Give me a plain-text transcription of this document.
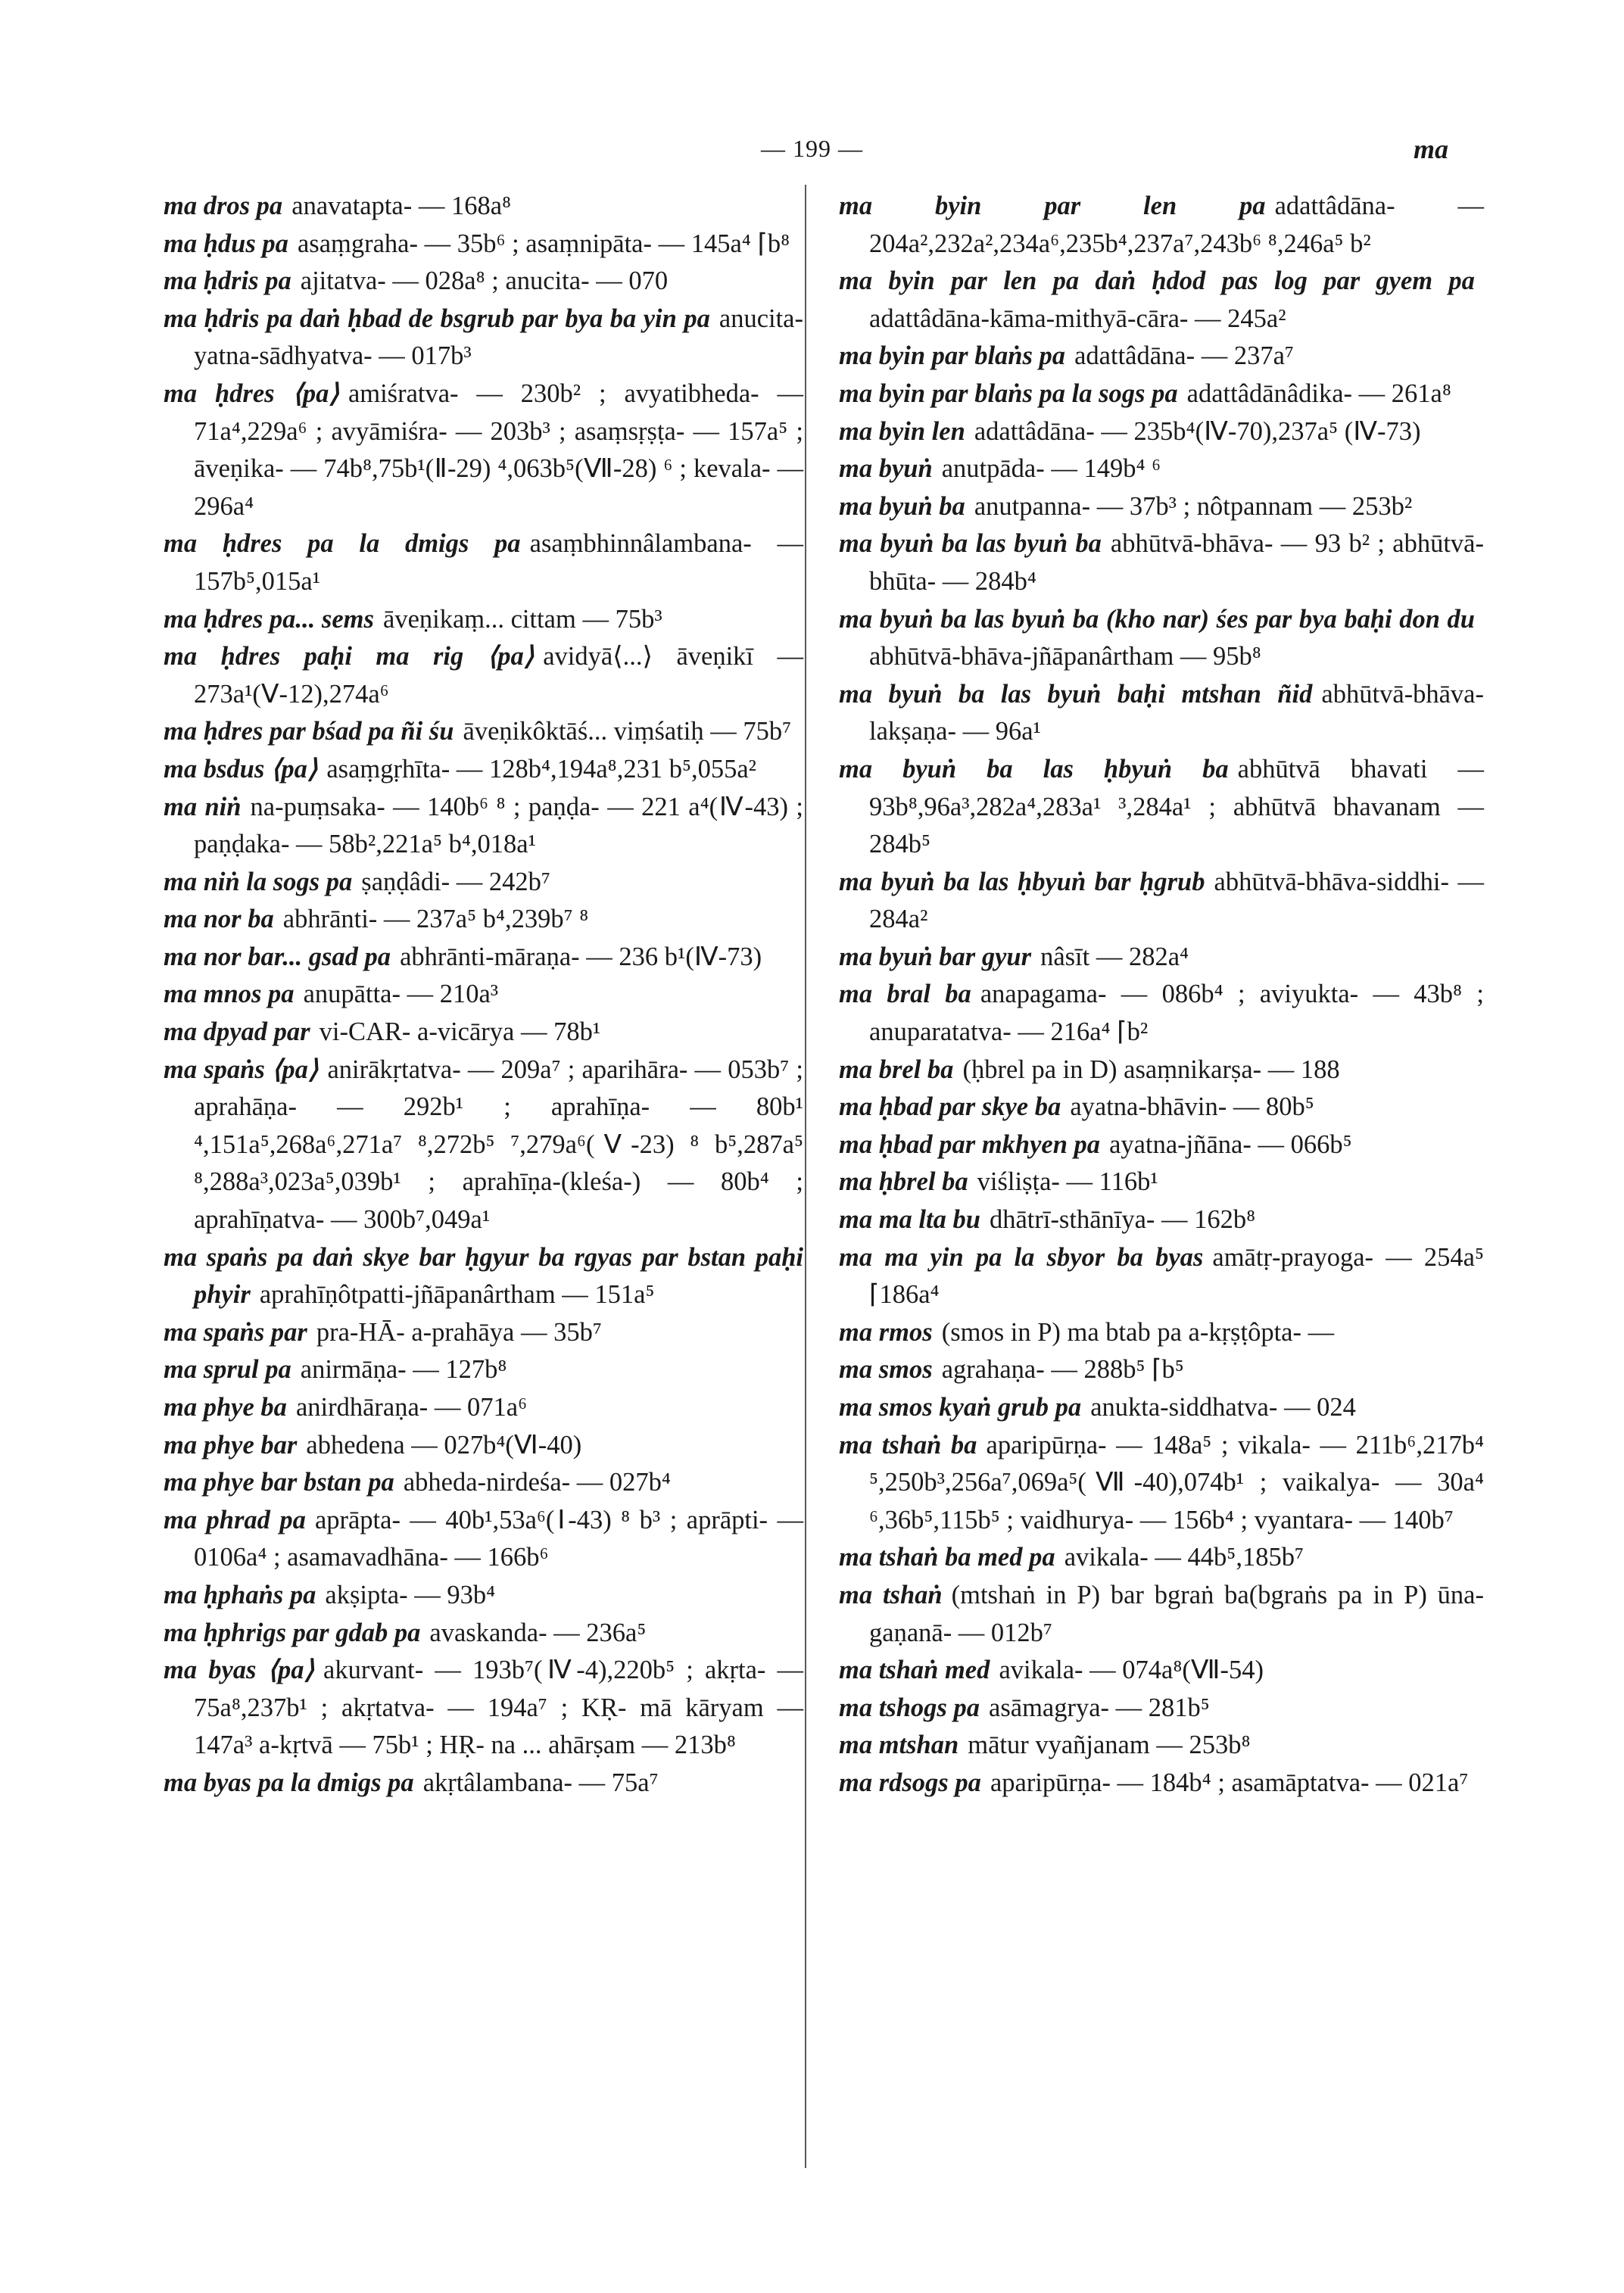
— 199 —	ma

ma dros pa anavatapta- — 168a⁸

ma ḥdus pa asaṃgraha- — 35b⁶ ; asaṃnipāta- — 145a⁴ ⌈b⁸

ma ḥdris pa ajitatva- — 028a⁸ ; anucita- — 070

ma ḥdris pa daṅ ḥbad de bsgrub par bya ba yin pa anucita-yatna-sādhyatva- — 017b³

ma ḥdres ⟨pa⟩ amiśratva- — 230b² ; avyatibheda- — 71a⁴,229a⁶ ; avyāmiśra- — 203b³ ; asaṃsṛṣṭa- — 157a⁵ ; āveṇika- — 74b⁸,75b¹(Ⅱ-29) ⁴,063b⁵(Ⅶ-28) ⁶ ; kevala- — 296a⁴

ma ḥdres pa la dmigs pa asaṃbhinnâlambana- — 157b⁵,015a¹

ma ḥdres pa... sems āveṇikaṃ... cittam — 75b³

ma ḥdres paḥi ma rig ⟨pa⟩ avidyā⟨...⟩ āveṇikī — 273a¹(Ⅴ-12),274a⁶

ma ḥdres par bśad pa ñi śu āveṇikôktāś... viṃśatiḥ — 75b⁷

ma bsdus ⟨pa⟩ asaṃgṛhīta- — 128b⁴,194a⁸,231 b⁵,055a²

ma niṅ na-puṃsaka- — 140b⁶ ⁸ ; paṇḍa- — 221 a⁴(Ⅳ-43) ; paṇḍaka- — 58b²,221a⁵ b⁴,018a¹

ma niṅ la sogs pa ṣaṇḍâdi- — 242b⁷

ma nor ba abhrānti- — 237a⁵ b⁴,239b⁷ ⁸

ma nor bar... gsad pa abhrānti-māraṇa- — 236 b¹(Ⅳ-73)

ma mnos pa anupātta- — 210a³

ma dpyad par vi-CAR- a-vicārya — 78b¹

ma spaṅs ⟨pa⟩ anirākṛtatva- — 209a⁷ ; aparihāra- — 053b⁷ ; aprahāṇa- — 292b¹ ; aprahīṇa- — 80b¹ ⁴,151a⁵,268a⁶,271a⁷ ⁸,272b⁵ ⁷,279a⁶(Ⅴ-23) ⁸ b⁵,287a⁵ ⁸,288a³,023a⁵,039b¹ ; aprahīṇa-(kleśa-) — 80b⁴ ; aprahīṇatva- — 300b⁷,049a¹

ma spaṅs pa daṅ skye bar ḥgyur ba rgyas par bstan paḥi phyir aprahīṇôtpatti-jñāpanârtham — 151a⁵

ma spaṅs par pra-HĀ- a-prahāya — 35b⁷

ma sprul pa anirmāṇa- — 127b⁸

ma phye ba anirdhāraṇa- — 071a⁶

ma phye bar abhedena — 027b⁴(Ⅵ-40)

ma phye bar bstan pa abheda-nirdeśa- — 027b⁴

ma phrad pa aprāpta- — 40b¹,53a⁶(Ⅰ-43) ⁸ b³ ; aprāpti- — 0106a⁴ ; asamavadhāna- — 166b⁶

ma ḥphaṅs pa akṣipta- — 93b⁴

ma ḥphrigs par gdab pa avaskanda- — 236a⁵

ma byas ⟨pa⟩ akurvant- — 193b⁷(Ⅳ-4),220b⁵ ; akṛta- — 75a⁸,237b¹ ; akṛtatva- — 194a⁷ ; KṚ- mā kāryam — 147a³ a-kṛtvā — 75b¹ ; HṚ- na ... ahārṣam — 213b⁸

ma byas pa la dmigs pa akṛtâlambana- — 75a⁷

ma byin par len pa adattâdāna- — 204a²,232a²,234a⁶,235b⁴,237a⁷,243b⁶ ⁸,246a⁵ b²

ma byin par len pa daṅ ḥdod pas log par gyem paadattâdāna-kāma-mithyā-cāra- — 245a²

ma byin par blaṅs pa adattâdāna- — 237a⁷

ma byin par blaṅs pa la sogs pa adattâdānâdika- — 261a⁸

ma byin len adattâdāna- — 235b⁴(Ⅳ-70),237a⁵ (Ⅳ-73)

ma byuṅ anutpāda- — 149b⁴ ⁶

ma byuṅ ba anutpanna- — 37b³ ; nôtpannam — 253b²

ma byuṅ ba las byuṅ ba abhūtvā-bhāva- — 93 b² ; abhūtvā-bhūta- — 284b⁴

ma byuṅ ba las byuṅ ba (kho nar) śes par bya baḥi don duabhūtvā-bhāva-jñāpanârtham — 95b⁸

ma byuṅ ba las byuṅ baḥi mtshan ñid abhūtvā-bhāva-lakṣaṇa- — 96a¹

ma byuṅ ba las ḥbyuṅ ba abhūtvā bhavati — 93b⁸,96a³,282a⁴,283a¹ ³,284a¹ ; abhūtvā bhavanam — 284b⁵

ma byuṅ ba las ḥbyuṅ bar ḥgrub abhūtvā-bhāva-siddhi- — 284a²

ma byuṅ bar gyur nâsīt — 282a⁴

ma bral ba anapagama- — 086b⁴ ; aviyukta- — 43b⁸ ; anuparatatva- — 216a⁴ ⌈b²

ma brel ba (ḥbrel pa in D) asaṃnikarṣa- — 188

ma ḥbad par skye ba ayatna-bhāvin- — 80b⁵

ma ḥbad par mkhyen pa ayatna-jñāna- — 066b⁵

ma ḥbrel ba viśliṣṭa- — 116b¹

ma ma lta bu dhātrī-sthānīya- — 162b⁸

ma ma yin pa la sbyor ba byas amātṛ-prayoga- — 254a⁵ ⌈186a⁴

ma rmos (smos in P) ma btab pa a-kṛṣṭôpta- —

ma smos agrahaṇa- — 288b⁵ ⌈b⁵

ma smos kyaṅ grub pa anukta-siddhatva- — 024

ma tshaṅ ba aparipūrṇa- — 148a⁵ ; vikala- — 211b⁶,217b⁴ ⁵,250b³,256a⁷,069a⁵(Ⅶ-40),074b¹ ; vaikalya- — 30a⁴ ⁶,36b⁵,115b⁵ ; vaidhurya- — 156b⁴ ; vyantara- — 140b⁷

ma tshaṅ ba med pa avikala- — 44b⁵,185b⁷

ma tshaṅ (mtshaṅ in P) bar bgraṅ ba(bgraṅs pa in P) ūna-gaṇanā- — 012b⁷

ma tshaṅ med avikala- — 074a⁸(Ⅶ-54)

ma tshogs pa asāmagrya- — 281b⁵

ma mtshan mātur vyañjanam — 253b⁸

ma rdsogs pa aparipūrṇa- — 184b⁴ ; asamāptatva- — 021a⁷
